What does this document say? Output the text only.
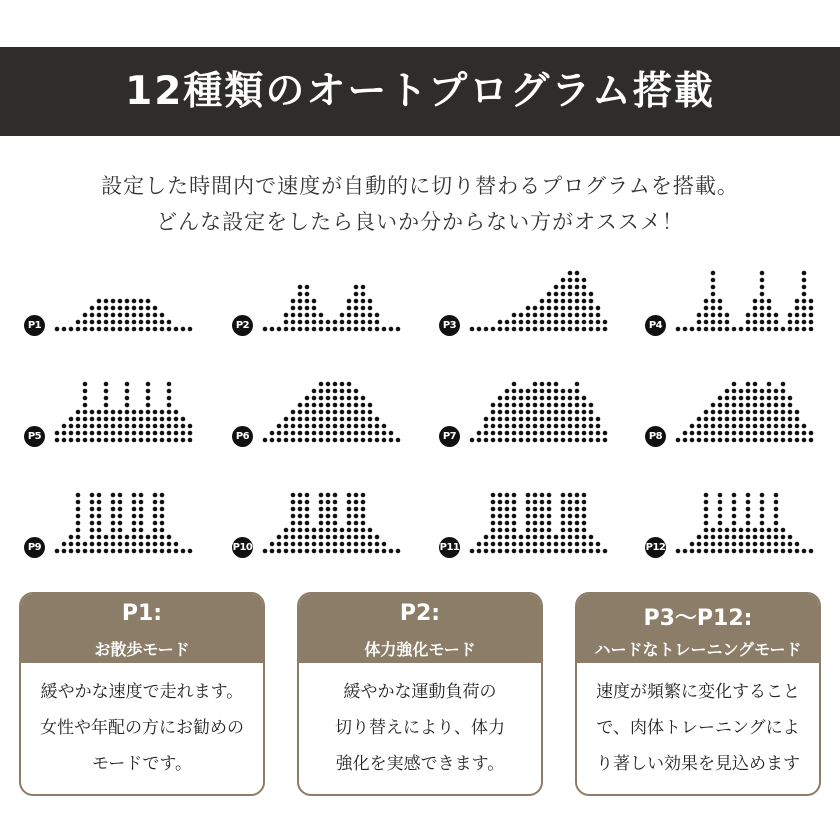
12種類のオートプログラム搭載
設定した時間内で速度が自動的に切り替わるプログラムを搭載。
どんな設定をしたら良いか分からない方がオススメ！
P1	P2	P3	P4
P5	P6	P7	P8
P9	P10	P11	P12
P1:
お散歩モード
緩やかな速度で走れます。
女性や年配の方にお勧めの
モードです。
P2:
体力強化モード
緩やかな運動負荷の
切り替えにより、体力
強化を実感できます。
P3〜P12:
ハードなトレーニングモード
速度が頻繁に変化すること
で、肉体トレーニングによ
り著しい効果を見込めます
